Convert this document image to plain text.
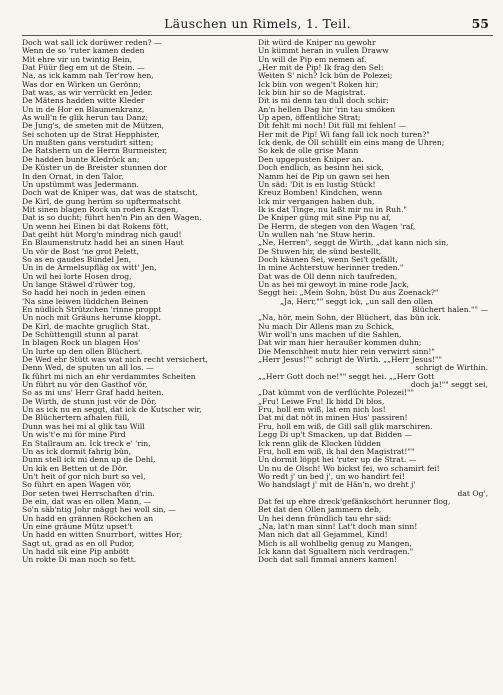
Läuschen un Rimels, 1. Teil.	55
Doch wat sall ick dorüwer reden? —
Wenn de so 'ruter kamen deden
Mit ehre vir un twintig Bein,
Dat Füür fleg em ut de Stein. —
Na, as ick kamm nah Ter'row hen,
Was dor en Wirken un Gerönn;
Dat was, as wir verrückt en Jeder.
De Mätens hadden witte Kleder
Un in de Hor en Blaumenkranz,
As wull'n fe glik herun tau Danz;
De Jung's, de smeten mit de Mützen,
Sei schoten up de Strat Hepphister,
Un mußten gans verstudirt sitten;
De Ratshern un de Herrn Burmeister,
De hadden bunte Kledröck an;
De Küster un de Breister stunnen dor
In den Ornat, in den Talor,
Un upstümmt was Jedermann.
Doch wat de Kniper was, dat was de statscht,
De Kirl, de gung herüm so upftermatscht
Mit sinen blagen Rock un roden Kragen,
Dat is so ducht; führt hen'n Pin an den Wagen.
Un wenn hei Einen bi dat Rokens fött,
Dat geiht hüt Morg'n mindrag nich gaud!
En Blaumenstrutz hadd hei an sinen Haut
Un vör de Bost 'ne grot Pelett,
So as en gaudes Bündel Jen,
Un in de Armelsupfläg ox witt' Jen,
Un wil hei lorte Hosen drog,
Un lange Stäwel d'rüwer tog,
So hadd hei noch in jeden einen
'Na sine leiwen lüddchen Beinen
En nüdlich Strützchen 'rinne proppt
Un noch mit Gräuns herume kloppt.
De Kirl, de machte gruglich Stat.
De Schüttengill stunn al parat
In blagen Rock un blagen Hos'
Un lurte up den ollen Blüchert.
De Wed ehr Stütt was wat nich recht versichert,
Denn Wed, de sputen un all los. —
Ik führt mi nich an ehr verdammtes Scheiten
Un führt nu vör den Gasthof vör,
So as mi uns' Herr Graf hadd heiten.
De Wirth, de stunn just vör de Dör,
Un as ick nu en seggt, dat ick de Kutscher wir,
De Blüchertern afhalen füll,
Dunn was hei mi al glik tau Will
Un wis't'e mi för mine Pird
En Stallraum an. Ick treck e' 'rin,
Un as ick dormit fahrig bün,
Dunn stell ick mi denn up de Dehl,
Un kik en Betten ut de Dör.
Un't heit of gor nich burt so vel,
So führt en apen Wagen vör,
Dor seten twei Herrschaften d'rin.
De ein, dat was en ollen Mann, —
So'n säb'ntig Johr mäggt hei woll sin, —
Un hadd en grännen Röckchen an
Un eine gräune Mütz upset't
Un hadd en witten Snurrbort, wittes Hor;
Sagt ut, grad as en oll Pudor,
Un hadd sik eine Pip anbött
Un rokte Di man noch so fett.
Dit würd de Kniper nu gewohr
Un kümmt heran in vullen Draww
Un will de Pip em nemen af.
„Her mit de Pip! Ik frag den Sel:
Weiten S' nich? Ick bün de Polezei;
Ick bün von wegen't Roken hir;
Ick bün hir so de Magistrat.
Dit is mi denn tau dull doch schir:
An'n hellen Dag hir 'rin tau smöken
Up apen, öffentliche Strat;
Dit fehlt mi noch! Dit füll mi fehlen! —
Her mit de Pip! Wi fang fall ick noch turen?"
Ick denk, de Oll schüllt ein eins mang de Uhren;
So kek de olle grise Mann
Den upgepusten Kniper an.
Doch endlich, as besinn hei sick,
Namm hei de Pip un gawn sei hen
Un säd: 'Dit is en lustig Stück!
Kreuz Bomben! Kindchen, wenn
Ick mir vergangen haben duh,
Ik is dat Tinge, nu laßt mir nu in Ruh."
De Kniper güng mit sine Pip nu af,
De Herrn, de stegen von den Wagen 'raf,
Un wullen nah 'ne Stuw herin.
„Ne, Herren", seggt de Wirth, „dat kann nich sin,
De Stuwen hir, de sünd bestellt,
Doch käunen Sei, wenn Sei't gefällt,
In mine Achterstuw herinner treden."
Dat was de Oll denn nich taufreden,
Un as hei mi gewoyt in mine rode Jack,
Seggt hei: „Mein Sohn, büst Du aus Zoenack?"
„Ja, Herr,"" seggt ick, „un sall den ollen
Blüchert halen."" —
„Na, hör, mein Sohn, der Blüchert, das bün ick.
Nu mach Dir Allens man zu Schick,
Wir woll'n uns machen uf die Sahlen,
Dat wir man hier heraußer kommen duhn;
Die Menschheit mutz hier rein verwirrt sinn!"
„Herr Jesus!"" schrigt de Wirth. „„Herr Jesus!""
schrigt de Wirthin.
„„Herr Gott doch ne!"" seggt hei. „„Herr Gott
doch ja!"" seggt sei,
„Dat kümmt von de verflüchte Polezei!""
„Fru! Leiwe Fru! Ik bidd Di blos,
Fru, holl em wiß, lat em nich los!
Dat mi dat nöt in minen Hus' passiren!
Fru, holl em wiß, de Gill sall glik marschiren.
Legg Di up't Smacken, up dat Bidden —
Ick renn glik de Klocken lüdden
Fru, holl em wiß, ik hal den Magistrat!""
Un dormit löppt hei 'ruter up de Strat. —
Un nu de Olsch! Wo bickst fei, wo schamirt fei!
Wo redt j' un bed j', un wo handirt fei!
Wo handslagt j' mit de Hän'n, wo dreht j'
dat Og',
Dat fei up ehre dreck'gefänkschört herunner flog,
Bet dat den Ollen jammern deb,
Un hei denn fründlich tau ehr säd:
„Na, lat'n man sinn! Lat't doch man sinn!
Man nich dat all Gejammel, Kind!
Mich is all wohlbelig genug zu Mangen,
Ick kann dat Sgualtern nich verdragen."
Doch dat sall fimmal anners kamen!
